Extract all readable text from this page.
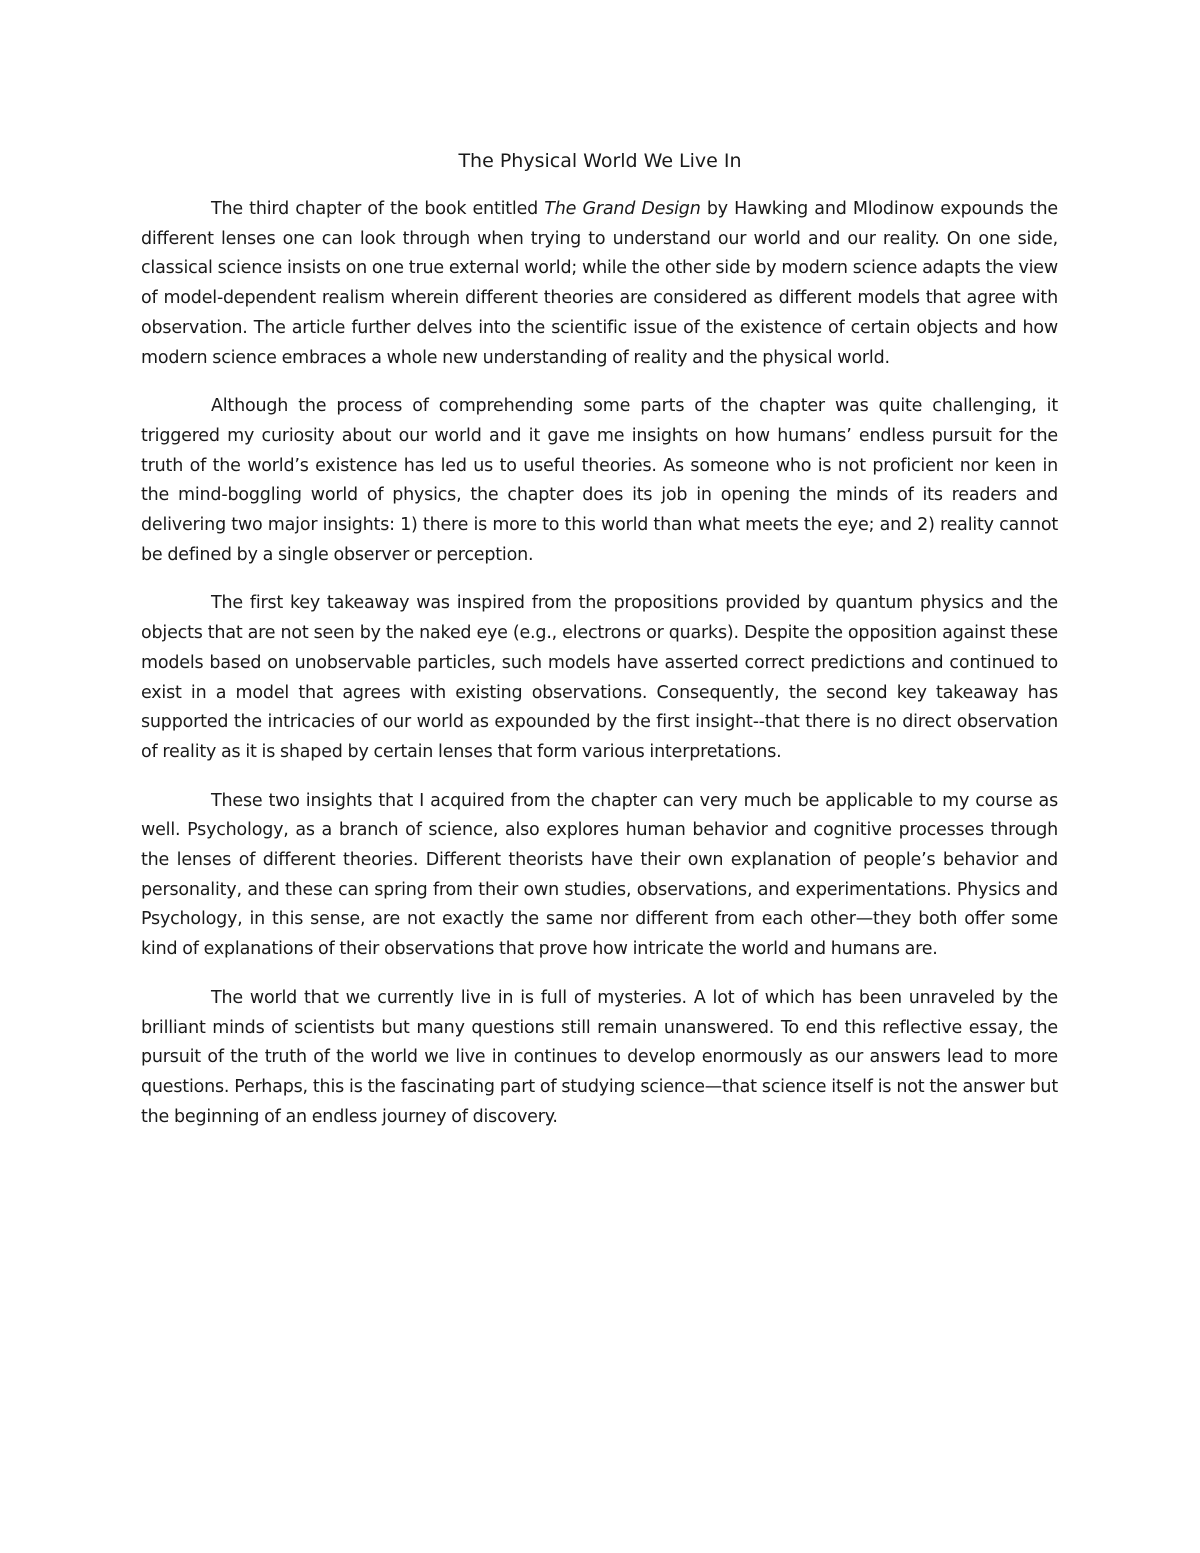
The Physical World We Live In

The third chapter of the book entitled The Grand Design by Hawking and Mlodinow expounds the different lenses one can look through when trying to understand our world and our reality. On one side, classical science insists on one true external world; while the other side by modern science adapts the view of model-dependent realism wherein different theories are considered as different models that agree with observation. The article further delves into the scientific issue of the existence of certain objects and how modern science embraces a whole new understanding of reality and the physical world.

Although the process of comprehending some parts of the chapter was quite challenging, it triggered my curiosity about our world and it gave me insights on how humans’ endless pursuit for the truth of the world’s existence has led us to useful theories. As someone who is not proficient nor keen in the mind-boggling world of physics, the chapter does its job in opening the minds of its readers and delivering two major insights: 1) there is more to this world than what meets the eye; and 2) reality cannot be defined by a single observer or perception.

The first key takeaway was inspired from the propositions provided by quantum physics and the objects that are not seen by the naked eye (e.g., electrons or quarks). Despite the opposition against these models based on unobservable particles, such models have asserted correct predictions and continued to exist in a model that agrees with existing observations. Consequently, the second key takeaway has supported the intricacies of our world as expounded by the first insight--that there is no direct observation of reality as it is shaped by certain lenses that form various interpretations.

These two insights that I acquired from the chapter can very much be applicable to my course as well. Psychology, as a branch of science, also explores human behavior and cognitive processes through the lenses of different theories. Different theorists have their own explanation of people’s behavior and personality, and these can spring from their own studies, observations, and experimentations. Physics and Psychology, in this sense, are not exactly the same nor different from each other—they both offer some kind of explanations of their observations that prove how intricate the world and humans are.

The world that we currently live in is full of mysteries. A lot of which has been unraveled by the brilliant minds of scientists but many questions still remain unanswered. To end this reflective essay, the pursuit of the truth of the world we live in continues to develop enormously as our answers lead to more questions. Perhaps, this is the fascinating part of studying science—that science itself is not the answer but the beginning of an endless journey of discovery.
